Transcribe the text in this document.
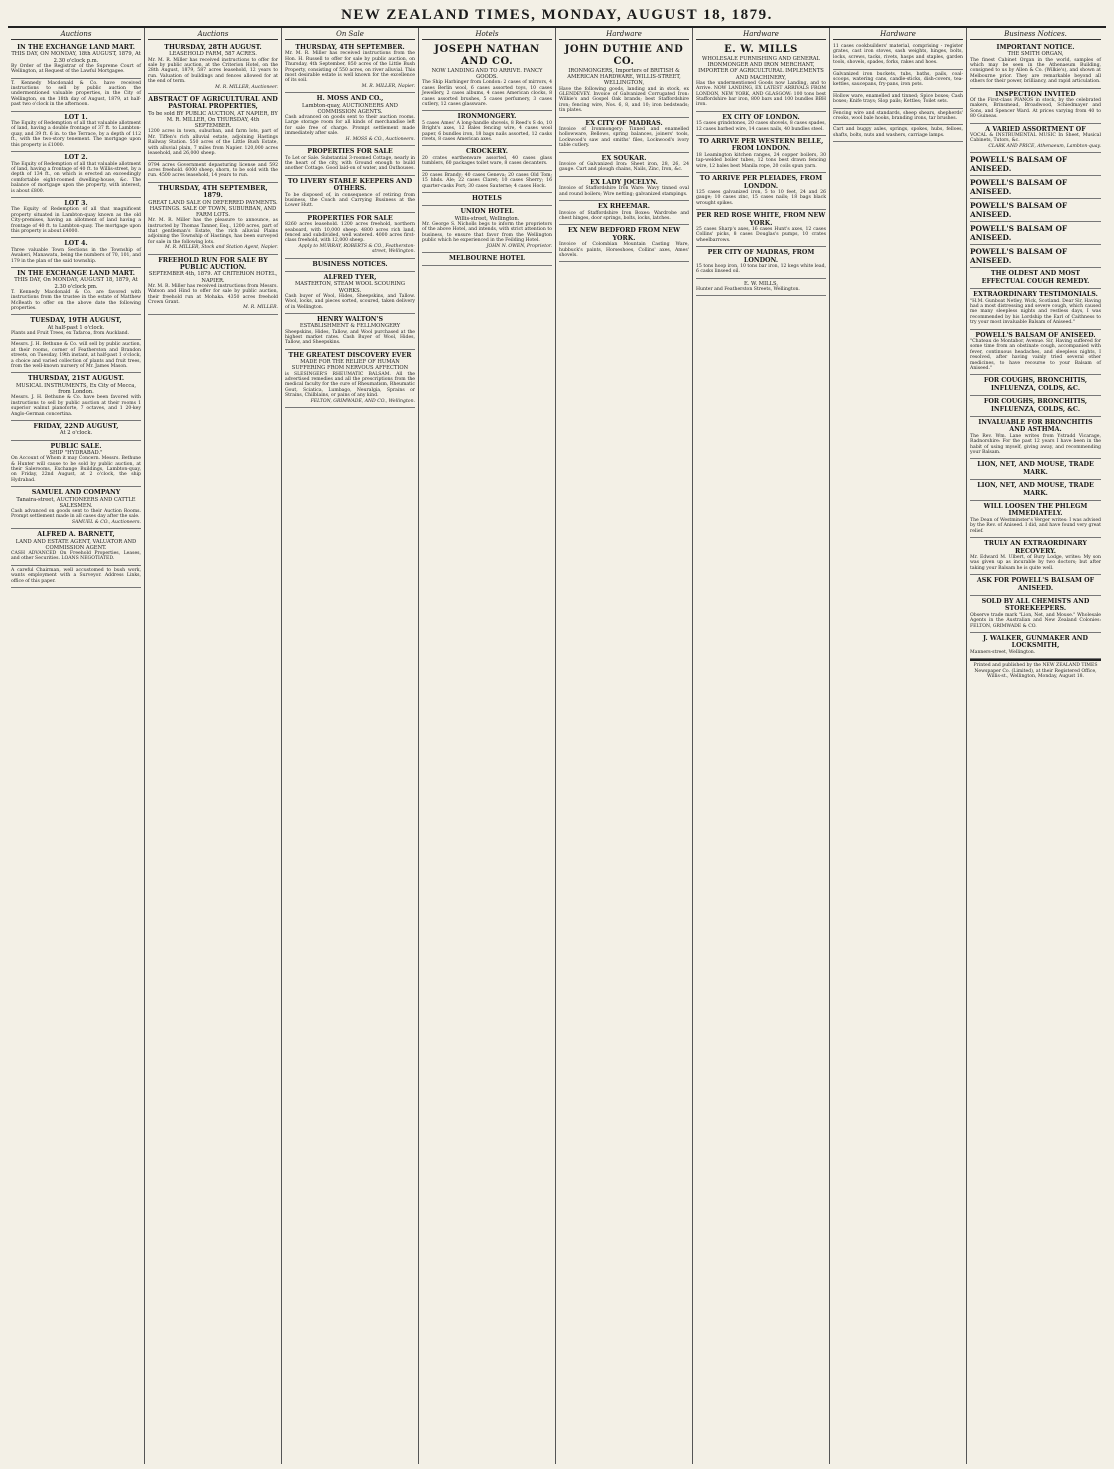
NEW ZEALAND TIMES, MONDAY, AUGUST 18, 1879.
Auctions
IN THE EXCHANGE LAND MART.
THIS DAY, ON MONDAY, 18th AUGUST, 1879, At 2.30 o'clock p.m.
By Order of the Registrar of the Supreme Court of Wellington, at Request of the Lawful Mortgagee.
T. Kennedy Macdonald & Co. have received instructions to sell by public auction the undermentioned valuable properties, in the City of Wellington, on the 18th day of August, 1879, at half-past two o'clock in the afternoon.
LOT 1.
The Equity of Redemption of all that valuable allotment of land, having a double frontage of 37 ft. to Lambton-quay, and 39 ft. 6 in. to the Terrace, by a depth of 112 ft., with the two-story tenement. The mortgage upon this property is £1000.
LOT 2.
The Equity of Redemption of all that valuable allotment of land, having a frontage of 40 ft. to Willis-street, by a depth of 134 ft., on which is erected an exceedingly comfortable eight-roomed dwelling-house, &c. The balance of mortgage upon the property, with interest, is about £800.
LOT 3.
The Equity of Redemption of all that magnificent property situated in Lambton-quay known as the old City-premises, having an allotment of land having a frontage of 40 ft. to Lambton-quay. The mortgage upon this property is about £4000.
LOT 4.
Three valuable Town Sections in the Township of Awakeri, Manawatu, being the numbers of 70, 101, and 179 in the plan of the said township.
IN THE EXCHANGE LAND MART.
THIS DAY, On MONDAY, AUGUST 18, 1879, At 2.30 o'clock pm.
T. Kennedy Macdonald & Co. are favored with instructions from the trustee in the estate of Matthew McBeath to offer on the above date the following properties.
TUESDAY, 19TH AUGUST,
At half-past 1 o'clock.
Plants and Fruit Trees, ex Tafaroa, from Auckland.
Messrs. J. H. Bethune & Co. will sell by public auction, at their rooms, corner of Featherston and Brandon streets, on Tuesday, 19th instant, at half-past 1 o'clock, a choice and varied collection of plants and fruit trees, from the well-known nursery of Mr. James Mason.
THURSDAY, 21ST AUGUST.
MUSICAL INSTRUMENTS, Ex City of Mecca, from London.
Messrs. J. H. Bethune & Co. have been favored with instructions to sell by public auction at their rooms 1 superior walnut pianoforte, 7 octaves, and 1 20-key Anglo-German concertina.
FRIDAY, 22ND AUGUST,
At 2 o'clock.
PUBLIC SALE.
SHIP "HYDRABAD."
On Account of Whom it may Concern. Messrs. Bethune & Hunter will cause to be sold by public auction, at their Salerooms, Exchange Buildings, Lambton-quay, on Friday, 22nd August, at 2 o'clock, the ship Hydrabad.
SAMUEL AND COMPANY
Tanaira-street, AUCTIONEERS AND CATTLE SALESMEN.
Cash advanced on goods sent to their Auction Rooms. Prompt settlement made in all cases day after the sale.
SAMUEL & CO., Auctioneers.
ALFRED A. BARNETT,
LAND AND ESTATE AGENT, VALUATOR AND COMMISSION AGENT.
CASH ADVANCED On Freehold Properties, Leases, and other Securities. LOANS NEGOTIATED.
A careful Chairman, well accustomed to bush work, wants employment with a Surveyor. Address Links, office of this paper.
Auctions
THURSDAY, 28TH AUGUST.
LEASEHOLD FARM, 587 ACRES.
Mr. M. R. Miller has received instructions to offer for sale by public auction, at the Criterion Hotel, on the 28th August, 1879, 587 acres leasehold, 12 years to run. Valuation of buildings and fences allowed for at the end of term.
M. R. MILLER, Auctioneer.
ABSTRACT OF AGRICULTURAL AND PASTORAL PROPERTIES,
To be sold BY PUBLIC AUCTION, AT NAPIER, BY M. R. MILLER, On THURSDAY, 4th SEPTEMBER.
1200 acres in town, suburban, and farm lots, part of Mr. Tiffen's rich alluvial estate, adjoining Hastings Railway Station. 550 acres of the Little Bush Estate, with alluvial plain, 7 miles from Napier. 120,000 acres leasehold, and 26,000 sheep.
9794 acres Government depasturing license and 592 acres freehold. 6000 sheep, shorn, to be sold with the run. 4500 acres leasehold, 14 years to run.
THURSDAY, 4TH SEPTEMBER, 1879.
GREAT LAND SALE ON DEFERRED PAYMENTS. HASTINGS. SALE OF TOWN, SUBURBAN, AND FARM LOTS.
Mr. M. R. Miller has the pleasure to announce, as instructed by Thomas Tanner, Esq., 1200 acres, part of that gentleman's Estate, the rich alluvial Plains adjoining the Township of Hastings, has been surveyed for sale in the following lots.
M. R. MILLER, Stock and Station Agent, Napier.
FREEHOLD RUN FOR SALE BY PUBLIC AUCTION.
SEPTEMBER 4th, 1879. AT CRITERION HOTEL, NAPIER.
Mr. M. R. Miller has received instructions from Messrs. Watson and Hind to offer for sale by public auction, their freehold run at Mohaka. 4350 acres freehold Crown Grant.
M. R. MILLER.
On Sale
THURSDAY, 4TH SEPTEMBER.
Mr. M. R. Miller has received instructions from the Hon. H. Russell to offer for sale by public auction, on Thursday, 4th September, 850 acres of the Little Bush Property, consisting of 550 acres, on river alluvial. This most desirable estate is well known for the excellence of its soil.
M. R. MILLER, Napier.
H. MOSS AND CO.,
Lambton-quay, AUCTIONEERS AND COMMISSION AGENTS.
Cash advanced on goods sent to their auction rooms. Large storage room for all kinds of merchandise left for sale free of charge. Prompt settlement made immediately after sale.
H. MOSS & CO., Auctioneers.
PROPERTIES FOR SALE
To Let or Sale. Substantial 3-roomed Cottage, nearly in the heart of the city, with Ground enough to build another Cottage. Good laid-on of water, and Outhouses.
TO LIVERY STABLE KEEPERS AND OTHERS.
To be disposed of, in consequence of retiring from business, the Coach and Carrying Business at the Lower Hutt.
PROPERTIES FOR SALE
8260 acres leasehold. 1200 acres freehold, northern seaboard, with 10,000 sheep. 4800 acres rich land, fenced and subdivided, well watered. 4000 acres first-class freehold, with 12,000 sheep.
Apply to MURRAY, ROBERTS & CO., Featherston-street, Wellington.
BUSINESS NOTICES.
ALFRED TYER,
MASTERTON, STEAM WOOL SCOURING WORKS.
Cash buyer of Wool, Hides, Sheepskins, and Tallow. Wool, locks, and pieces sorted, scoured, taken delivery of in Wellington.
HENRY WALTON'S
ESTABLISHMENT & FELLMONGERY
Sheepskins, Hides, Tallow, and Wool purchased at the highest market rates. Cash Buyer of Wool, Hides, Tallow, and Sheepskins.
THE GREATEST DISCOVERY EVER
MADE FOR THE RELIEF OF HUMAN SUFFERING FROM NERVOUS AFFECTION
is SLESINGER'S RHEUMATIC BALSAM. All the advertised remedies and all the prescriptions from the medical faculty for the cure of Rheumatism, Rheumatic Gout, Sciatica, Lumbago, Neuralgia, Sprains or Strains, Chilblains, or pains of any kind.
FELTON, GRIMWADE, AND CO., Wellington.
Hotels
JOSEPH NATHAN AND CO.
NOW LANDING AND TO ARRIVE. FANCY GOODS.
The Ship Harbinger from London: 2 cases of mirrors, 4 cases Berlin wool, 6 cases assorted toys, 10 cases Jewellery, 2 cases albums, 4 cases American clocks, 8 cases assorted brushes, 5 cases perfumery, 3 cases cutlery, 12 cases glassware.
IRONMONGERY.
5 cases Ames' A long-handle shovels, 8 Reed's S do, 10 Bright's axes, 12 Bales fencing wire, 4 cases wool paper, 6 bundles iron, 18 bags nails assorted, 12 casks rivets, 8 cases American axes.
CROCKERY.
20 crates earthenware assorted, 40 cases glass tumblers, 60 packages toilet ware, 8 cases decanters.
20 cases Brandy; 40 cases Geneva; 20 cases Old Tom; 15 hhds. Ale; 22 cases Claret; 10 cases Sherry; 16 quarter-casks Port; 30 cases Sauterne; 4 cases Hock.
HOTELS
UNION HOTEL
Willis-street, Wellington.
Mr. George S. Nicholls begs to inform the proprietors of the above Hotel, and intends, with strict attention to business, to ensure that favor from the Wellington public which he experienced in the Feilding Hotel.
JOHN N. OWEN, Proprietor.
MELBOURNE HOTEL
Hardware
JOHN DUTHIE AND CO.
IRONMONGERS, Importers of BRITISH & AMERICAN HARDWARE, WILLIS-STREET, WELLINGTON,
Have the following goods, landing and in stock, ex GLENDEVEY. Invoice of Galvanized Corrugated Iron: Wilkie's and Gospel Oak brands; best Staffordshire iron; fencing wire, Nos. 6, 8, and 10; iron bedsteads; tin plates.
EX CITY OF MADRAS.
Invoice of Ironmongery: Tinned and enamelled hollowware, Bellows, spring balances, joiners' tools, Lockwood's saw and smiths' files, Lockwood's ivory table cutlery.
EX SOUKAR.
Invoice of Galvanized Iron: Sheet iron, 28, 26, 24 gauge. Cart and plough chains, Nails, Zinc, Iron, &c.
EX LADY JOCELYN.
Invoice of Staffordshire Iron Ware: Wavy tinned oval and round boilers; Wire netting; galvanized stampings.
EX RHEEMAR.
Invoice of Staffordshire Iron Boxes: Wardrobe and chest hinges, door springs, bolts, locks, latches.
EX NEW BEDFORD FROM NEW YORK.
Invoice of Colombian Mountain Casting Ware, hubbuck's paints, Horseshoes, Collins' axes, Ames' shovels.
Hardware
E. W. MILLS
WHOLESALE FURNISHING AND GENERAL IRONMONGER AND IRON MERCHANT, IMPORTER OF AGRICULTURAL IMPLEMENTS AND MACHINERY,
Has the undermentioned Goods now Landing, and to Arrive. NOW LANDING, EX LATEST ARRIVALS FROM LONDON, NEW YORK, AND GLASGOW: 100 tons best Staffordshire bar iron, 800 bars and 100 bundles BBH iron.
EX CITY OF LONDON.
15 cases grindstones, 20 cases shovels, 8 cases spades, 12 cases barbed wire, 14 cases nails, 40 bundles steel.
TO ARRIVE PER WESTERN BELLE, FROM LONDON.
18 Leamington kitchen ranges, 24 copper boilers, 30 tap-welded boiler tubes, 12 tons best drawn fencing wire, 12 bales best Manila rope, 20 coils spun yarn.
TO ARRIVE PER PLEIADES, FROM LONDON.
125 cases galvanized iron, 5 to 10 feet, 24 and 26 gauge; 10 cases zinc, 15 cases nails; 18 bags black wrought spikes.
PER RED ROSE WHITE, FROM NEW YORK.
25 cases Sharp's axes, 16 cases Hunt's axes, 12 cases Collins' picks, 8 cases Douglas's pumps, 10 crates wheelbarrows.
PER CITY OF MADRAS, FROM LONDON.
15 tons hoop iron, 10 tons bar iron, 12 kegs white lead, 6 casks linseed oil.
E. W. MILLS,
Hunter and Featherston Streets, Wellington.
Hardware
11 cases cookbuilders' material, comprising - register grates, cast iron stoves, sash weights, hinges, bolts, locks, screws, tacks, rivets, hasps and staples, garden tools, shovels, spades, forks, rakes and hoes.
Galvanized iron buckets, tubs, baths, pails, coal-scoops, watering cans, candle-sticks, dish-covers, tea-kettles, saucepans, fry-pans, iron pots.
Hollow ware, enamelled and tinned; Spice boxes; Cash boxes; Knife trays; Slop pails; Kettles; Toilet sets.
Fencing wire and standards, sheep shears, shepherds' crooks, wool bale hooks, branding irons, tar brushes.
Cart and buggy axles, springs, spokes, hubs, felloes, shafts, bolts, nuts and washers, carriage lamps.
Business Notices.
IMPORTANT NOTICE.
THE SMITH ORGAN,
The finest Cabinet Organ in the world, samples of which may be seen in the Athenaeum Building, consigned to us by Allen & Co. (Wilkie's), and shown at Melbourne prior. They are remarkable beyond all others for their power, brilliancy, and rapid articulation.
INSPECTION INVITED
Of the First-class PIANOS in stock, by the celebrated makers, Brinsmead, Broadwood, Schiedmayer and Sons, and Spencer Ward. At prices varying from 40 to 80 Guineas.
A VARIED ASSORTMENT OF
VOCAL & INSTRUMENTAL MUSIC In Sheet, Musical Cabinets, Tutors, &c.
CLARK AND PRICE, Athenaeum, Lambton-quay.
POWELL'S BALSAM OF ANISEED.
POWELL'S BALSAM OF ANISEED.
POWELL'S BALSAM OF ANISEED.
POWELL'S BALSAM OF ANISEED.
POWELL'S BALSAM OF ANISEED.
THE OLDEST AND MOST EFFECTUAL COUGH REMEDY.
EXTRAORDINARY TESTIMONIALS.
"H.M. Gunboat Netley, Wick, Scotland. Dear Sir, Having had a most distressing and severe cough, which caused me many sleepless nights and restless days, I was recommended by his Lordship the Earl of Caithness to try your most invaluable Balsam of Aniseed."
POWELL'S BALSAM OF ANISEED.
"Chateau de Montabor, Avenue. Sir, Having suffered for some time from an obstinate cough, accompanied with fever, continuous headaches, and sleepless nights, I resolved, after having vainly tried several other medicines, to have recourse to your Balsam of Aniseed."
FOR COUGHS, BRONCHITIS, INFLUENZA, COLDS, &C.
FOR COUGHS, BRONCHITIS, INFLUENZA, COLDS, &C.
INVALUABLE FOR BRONCHITIS AND ASTHMA.
The Rev. Wm. Lane writes from Ystradd Vicarage, Radnorshire: For the past 12 years I have been in the habit of using myself, giving away, and recommending your Balsam.
LION, NET, AND MOUSE, TRADE MARK.
LION, NET, AND MOUSE, TRADE MARK.
WILL LOOSEN THE PHLEGM IMMEDIATELY.
The Dean of Westminster's Verger writes: I was advised by the Rev. of Aniseed. I did, and have found very great relief.
TRULY AN EXTRAORDINARY RECOVERY.
Mr. Edward M. Ulbert, of Bury Lodge, writes: My son was given up as incurable by two doctors; but after taking your Balsam he is quite well.
ASK FOR POWELL'S BALSAM OF ANISEED.
SOLD BY ALL CHEMISTS AND STOREKEEPERS.
Observe trade mark "Lion, Net, and Mouse." Wholesale Agents in the Australian and New Zealand Colonies: FELTON, GRIMWADE & CO.
J. WALKER, GUNMAKER AND LOCKSMITH,
Manners-street, Wellington.
Printed and published by the NEW ZEALAND TIMES Newspaper Co. (Limited), at their Registered Office, Willis-st., Wellington, Monday, August 18.
